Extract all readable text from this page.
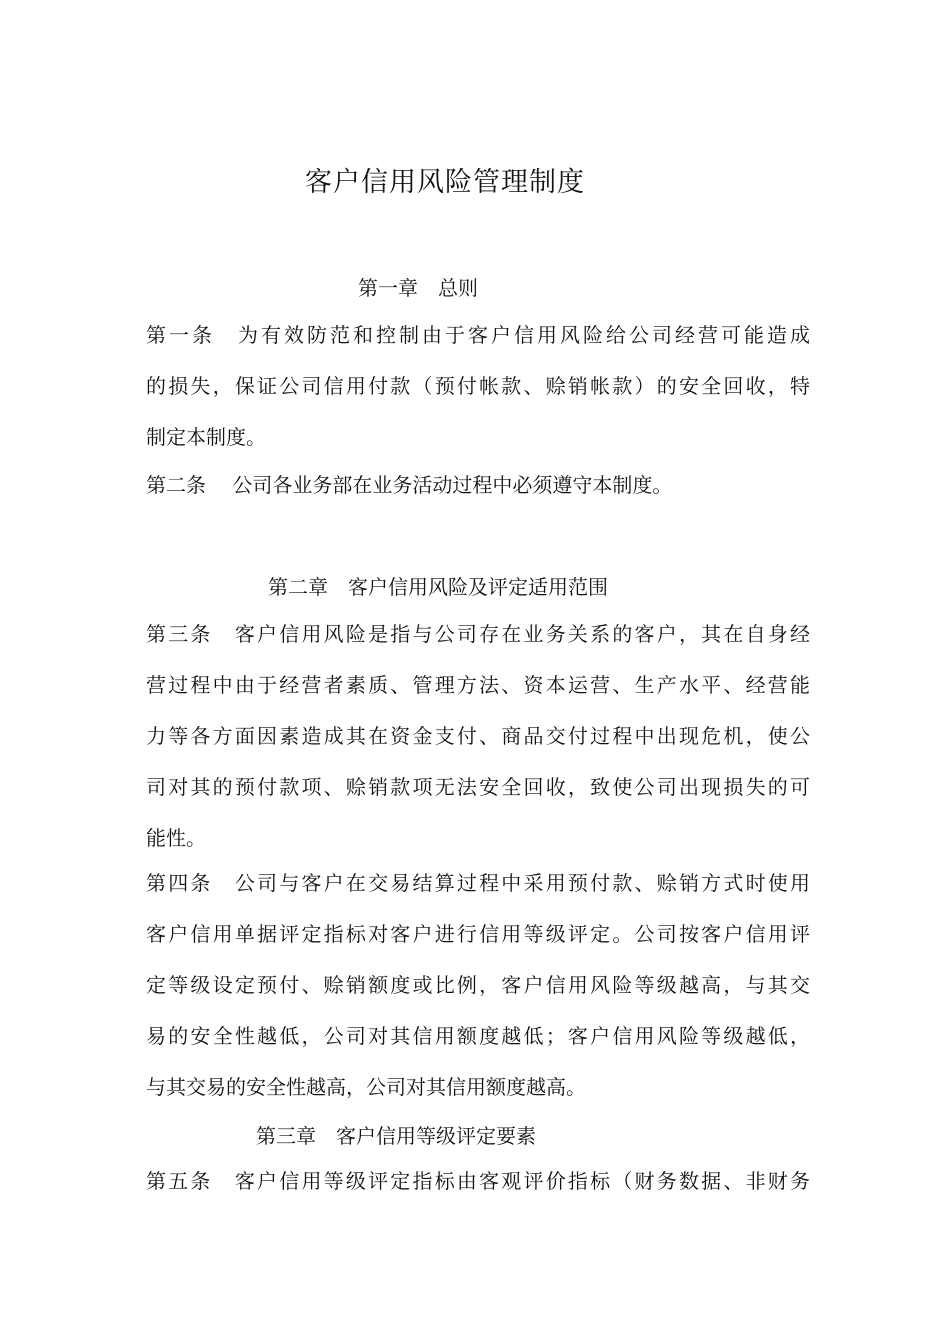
客户信用风险管理制度
第一章　总则
第一条　为有效防范和控制由于客户信用风险给公司经营可能造成
的损失，保证公司信用付款（预付帐款、赊销帐款）的安全回收，特
制定本制度。
第二条　 公司各业务部在业务活动过程中必须遵守本制度。
第二章　客户信用风险及评定适用范围
第三条　客户信用风险是指与公司存在业务关系的客户，其在自身经
营过程中由于经营者素质、管理方法、资本运营、生产水平、经营能
力等各方面因素造成其在资金支付、商品交付过程中出现危机，使公
司对其的预付款项、赊销款项无法安全回收，致使公司出现损失的可
能性。
第四条　公司与客户在交易结算过程中采用预付款、赊销方式时使用
客户信用单据评定指标对客户进行信用等级评定。公司按客户信用评
定等级设定预付、赊销额度或比例，客户信用风险等级越高，与其交
易的安全性越低，公司对其信用额度越低；客户信用风险等级越低，
与其交易的安全性越高，公司对其信用额度越高。
第三章　客户信用等级评定要素
第五条　客户信用等级评定指标由客观评价指标（财务数据、非财务
